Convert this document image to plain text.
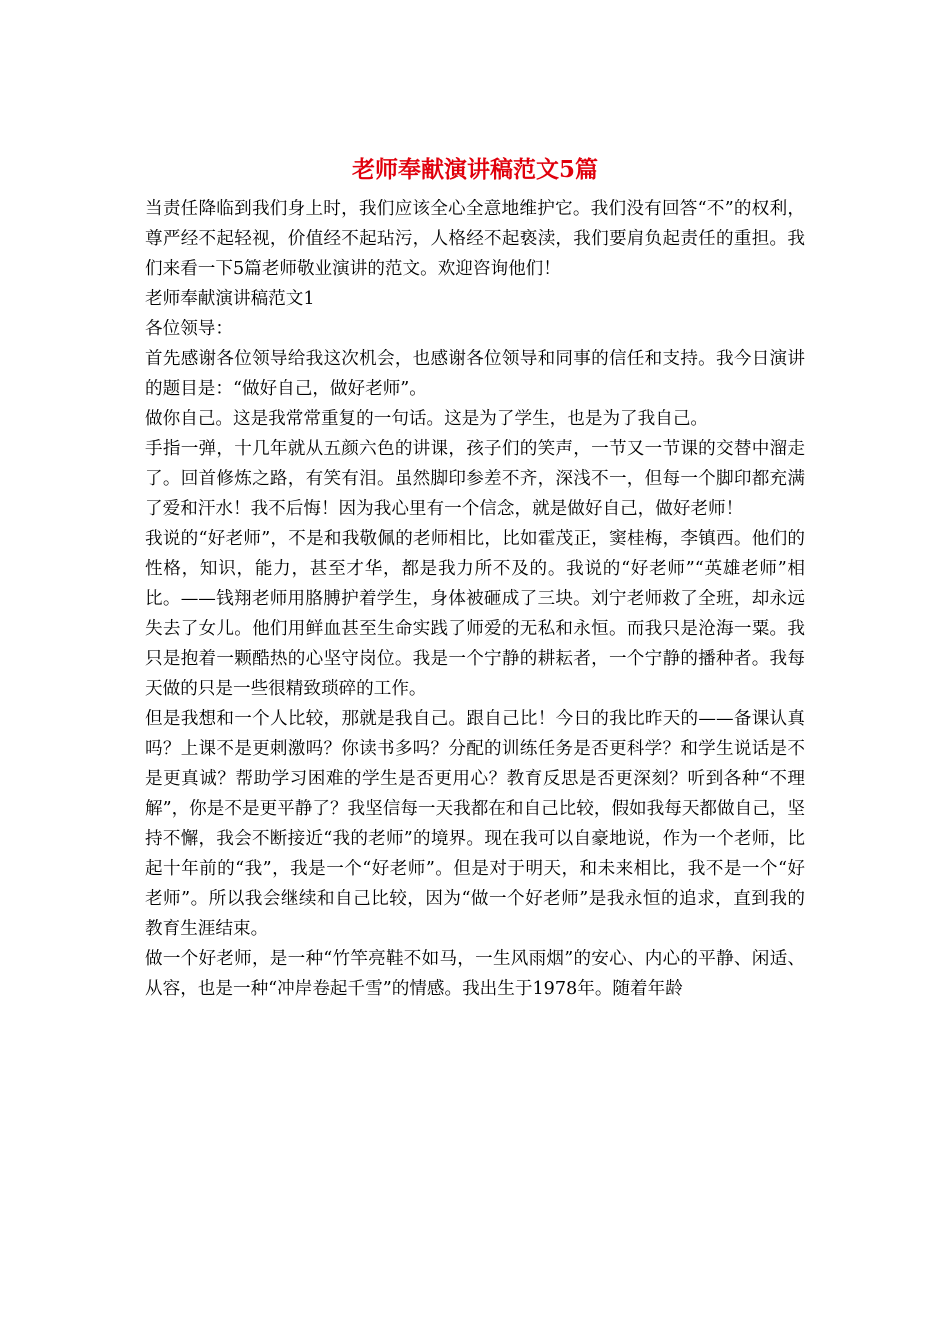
老师奉献演讲稿范文5篇

当责任降临到我们身上时，我们应该全心全意地维护它。我们没有回答“不”的权利，尊严经不起轻视，价值经不起玷污，人格经不起亵渎，我们要肩负起责任的重担。我们来看一下5篇老师敬业演讲的范文。欢迎咨询他们！

老师奉献演讲稿范文1

各位领导：

首先感谢各位领导给我这次机会，也感谢各位领导和同事的信任和支持。我今日演讲的题目是：“做好自己，做好老师”。

做你自己。这是我常常重复的一句话。这是为了学生，也是为了我自己。

手指一弹，十几年就从五颜六色的讲课，孩子们的笑声，一节又一节课的交替中溜走了。回首修炼之路，有笑有泪。虽然脚印参差不齐，深浅不一，但每一个脚印都充满了爱和汗水！我不后悔！因为我心里有一个信念，就是做好自己，做好老师！

我说的“好老师”，不是和我敬佩的老师相比，比如霍茂正，窦桂梅，李镇西。他们的性格，知识，能力，甚至才华，都是我力所不及的。我说的“好老师”“英雄老师”相比。——钱翔老师用胳膊护着学生，身体被砸成了三块。刘宁老师救了全班，却永远失去了女儿。他们用鲜血甚至生命实践了师爱的无私和永恒。而我只是沧海一粟。我只是抱着一颗酷热的心坚守岗位。我是一个宁静的耕耘者，一个宁静的播种者。我每天做的只是一些很精致琐碎的工作。

但是我想和一个人比较，那就是我自己。跟自己比！今日的我比昨天的——备课认真吗？上课不是更刺激吗？你读书多吗？分配的训练任务是否更科学？和学生说话是不是更真诚？帮助学习困难的学生是否更用心？教育反思是否更深刻？听到各种“不理解”，你是不是更平静了？我坚信每一天我都在和自己比较，假如我每天都做自己，坚持不懈，我会不断接近“我的老师”的境界。现在我可以自豪地说，作为一个老师，比起十年前的“我”，我是一个“好老师”。但是对于明天，和未来相比，我不是一个“好老师”。所以我会继续和自己比较，因为“做一个好老师”是我永恒的追求，直到我的教育生涯结束。

做一个好老师，是一种“竹竿亮鞋不如马，一生风雨烟”的安心、内心的平静、闲适、从容，也是一种“冲岸卷起千雪”的情感。我出生于1978年。随着年龄
